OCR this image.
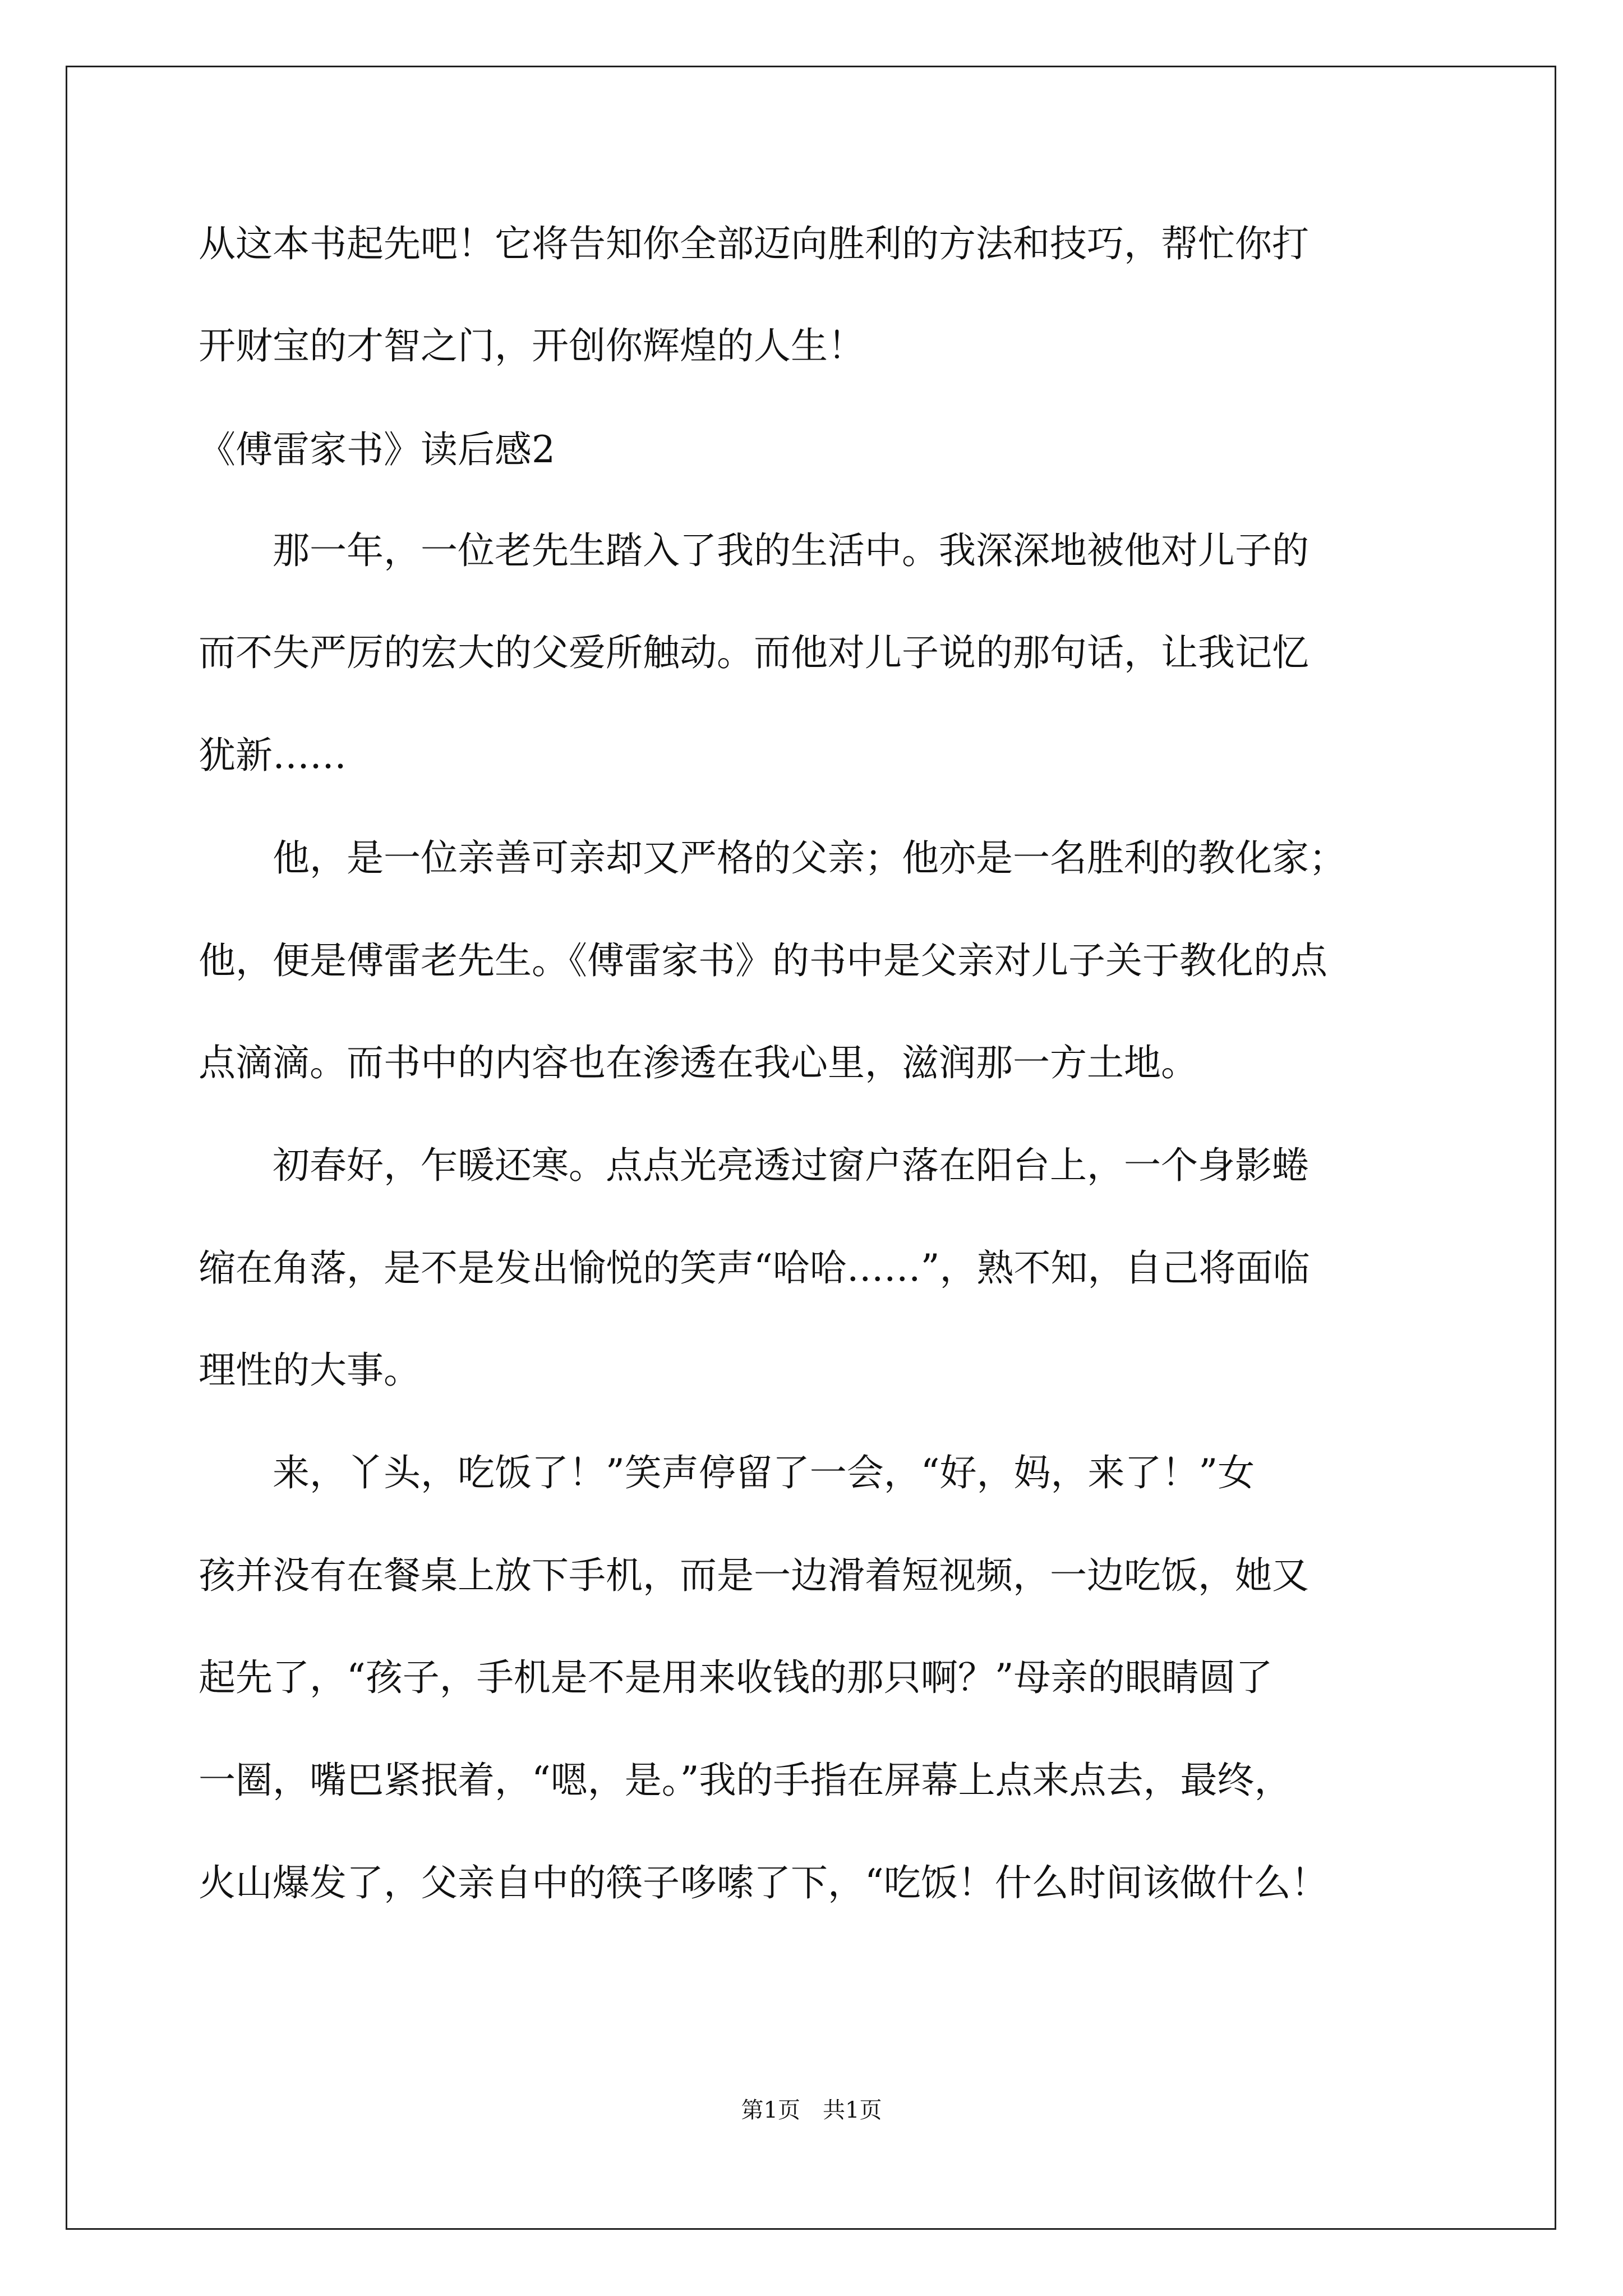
从这本书起先吧！它将告知你全部迈向胜利的方法和技巧，帮忙你打
开财宝的才智之门，开创你辉煌的人生！
《傅雷家书》读后感2
　　那一年，一位老先生踏入了我的生活中。我深深地被他对儿子的
而不失严厉的宏大的父爱所触动。而他对儿子说的那句话，让我记忆
犹新……
　　他，是一位亲善可亲却又严格的父亲；他亦是一名胜利的教化家；
他，便是傅雷老先生。《傅雷家书》的书中是父亲对儿子关于教化的点
点滴滴。而书中的内容也在渗透在我心里，滋润那一方土地。
　　初春好，乍暖还寒。点点光亮透过窗户落在阳台上，一个身影蜷
缩在角落，是不是发出愉悦的笑声“哈哈……”，熟不知，自己将面临
理性的大事。
　　来，丫头，吃饭了！”笑声停留了一会，“好，妈，来了！”女
孩并没有在餐桌上放下手机，而是一边滑着短视频，一边吃饭，她又
起先了，“孩子，手机是不是用来收钱的那只啊？”母亲的眼睛圆了
一圈，嘴巴紧抿着，“嗯，是。”我的手指在屏幕上点来点去，最终，
火山爆发了，父亲自中的筷子哆嗦了下，“吃饭！什么时间该做什么！
第1页　共1页
